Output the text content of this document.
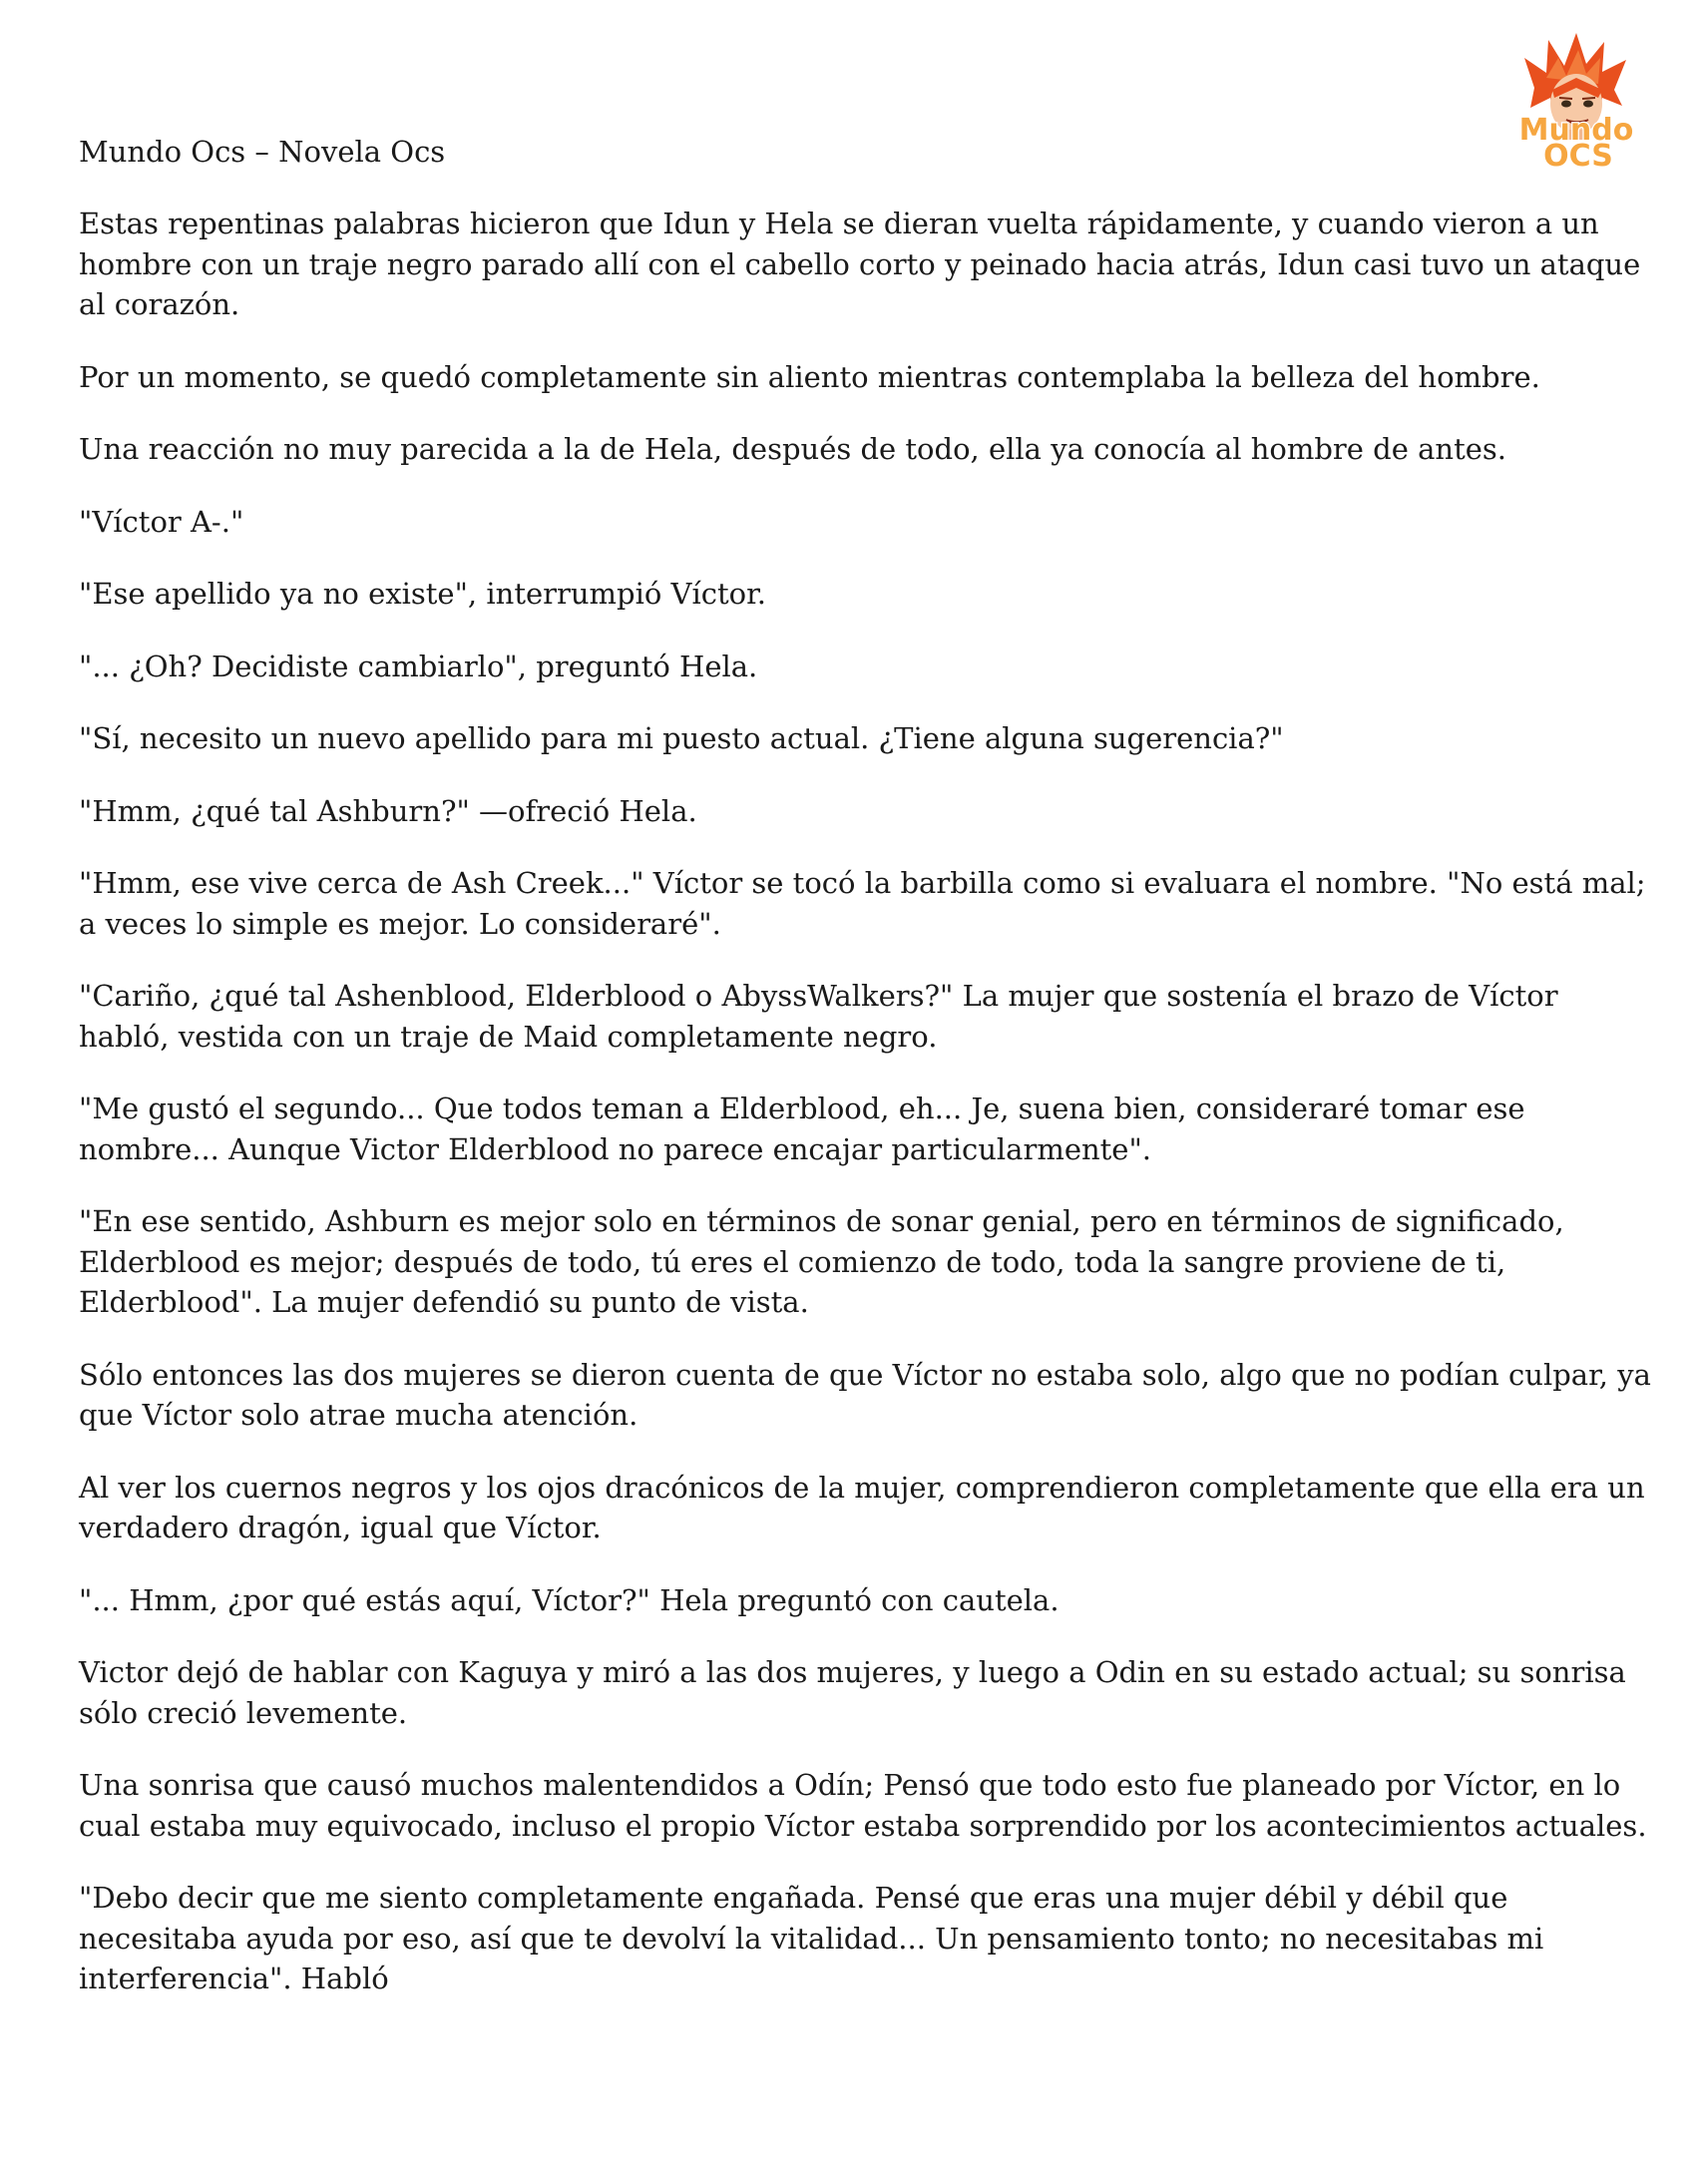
Mundo
OCS
Mundo Ocs – Novela Ocs

Estas repentinas palabras hicieron que Idun y Hela se dieran vuelta rápidamente, y cuando vieron a un hombre con un traje negro parado allí con el cabello corto y peinado hacia atrás, Idun casi tuvo un ataque al corazón.

Por un momento, se quedó completamente sin aliento mientras contemplaba la belleza del hombre.

Una reacción no muy parecida a la de Hela, después de todo, ella ya conocía al hombre de antes.

"Víctor A-."

"Ese apellido ya no existe", interrumpió Víctor.

"... ¿Oh? Decidiste cambiarlo", preguntó Hela.

"Sí, necesito un nuevo apellido para mi puesto actual. ¿Tiene alguna sugerencia?"

"Hmm, ¿qué tal Ashburn?" —ofreció Hela.

"Hmm, ese vive cerca de Ash Creek..." Víctor se tocó la barbilla como si evaluara el nombre. "No está mal; a veces lo simple es mejor. Lo consideraré".

"Cariño, ¿qué tal Ashenblood, Elderblood o AbyssWalkers?" La mujer que sostenía el brazo de Víctor habló, vestida con un traje de Maid completamente negro.

"Me gustó el segundo... Que todos teman a Elderblood, eh... Je, suena bien, consideraré tomar ese nombre... Aunque Victor Elderblood no parece encajar particularmente".

"En ese sentido, Ashburn es mejor solo en términos de sonar genial, pero en términos de significado, Elderblood es mejor; después de todo, tú eres el comienzo de todo, toda la sangre proviene de ti, Elderblood". La mujer defendió su punto de vista.

Sólo entonces las dos mujeres se dieron cuenta de que Víctor no estaba solo, algo que no podían culpar, ya que Víctor solo atrae mucha atención.

Al ver los cuernos negros y los ojos dracónicos de la mujer, comprendieron completamente que ella era un verdadero dragón, igual que Víctor.

"... Hmm, ¿por qué estás aquí, Víctor?" Hela preguntó con cautela.

Victor dejó de hablar con Kaguya y miró a las dos mujeres, y luego a Odin en su estado actual; su sonrisa sólo creció levemente.

Una sonrisa que causó muchos malentendidos a Odín; Pensó que todo esto fue planeado por Víctor, en lo cual estaba muy equivocado, incluso el propio Víctor estaba sorprendido por los acontecimientos actuales.

"Debo decir que me siento completamente engañada. Pensé que eras una mujer débil y débil que necesitaba ayuda por eso, así que te devolví la vitalidad... Un pensamiento tonto; no necesitabas mi interferencia". Habló
